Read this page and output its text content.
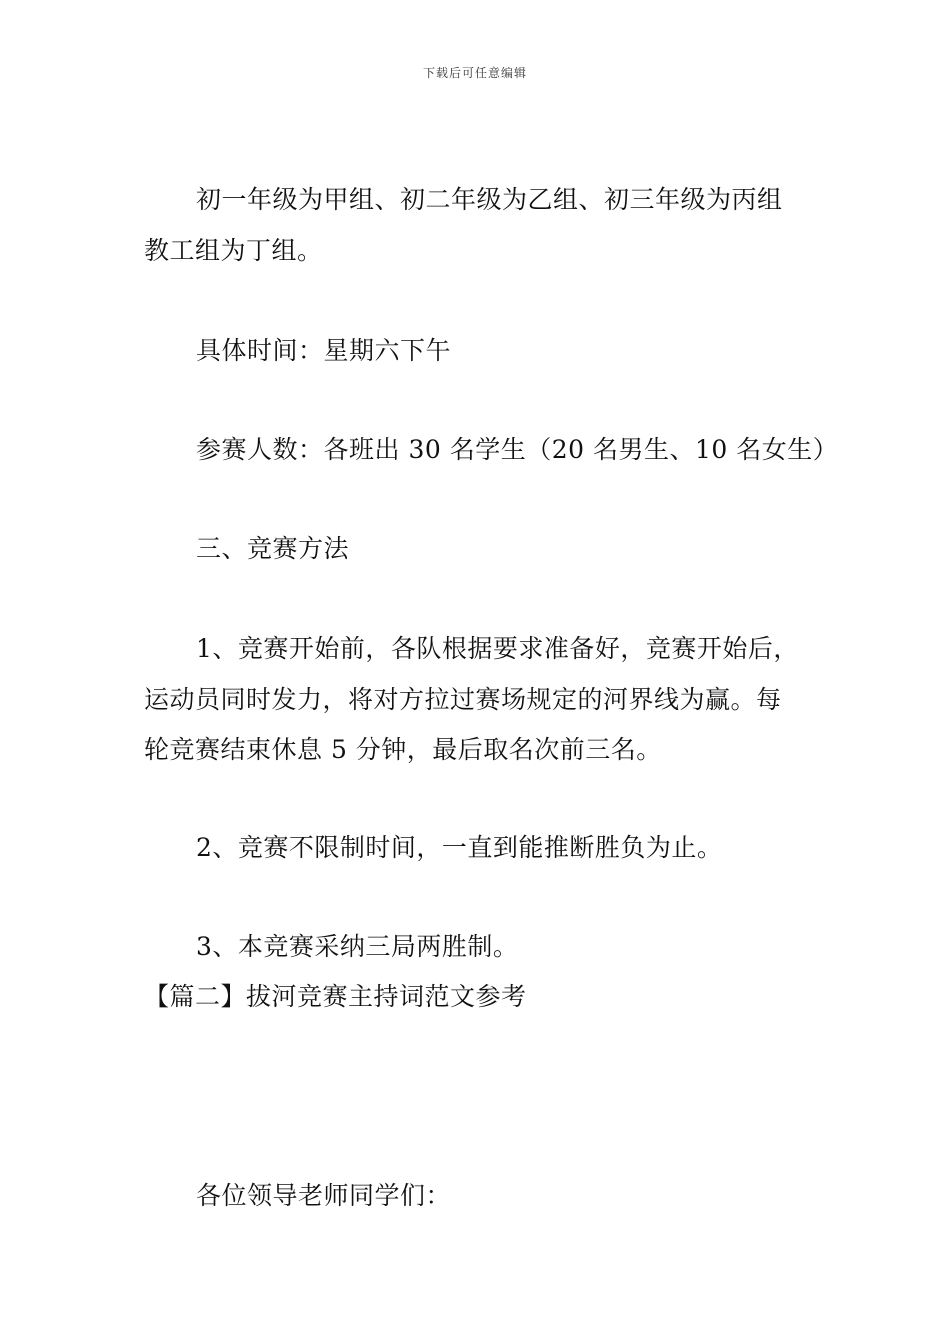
下载后可任意编辑
初一年级为甲组、初二年级为乙组、初三年级为丙组
教工组为丁组。
具体时间：星期六下午
参赛人数：各班出 30 名学生（20 名男生、10 名女生）
三、竞赛方法
1、竞赛开始前，各队根据要求准备好，竞赛开始后，
运动员同时发力，将对方拉过赛场规定的河界线为赢。每
轮竞赛结束休息 5 分钟，最后取名次前三名。
2、竞赛不限制时间，一直到能推断胜负为止。
3、本竞赛采纳三局两胜制。
【篇二】拔河竞赛主持词范文参考
各位领导老师同学们：
